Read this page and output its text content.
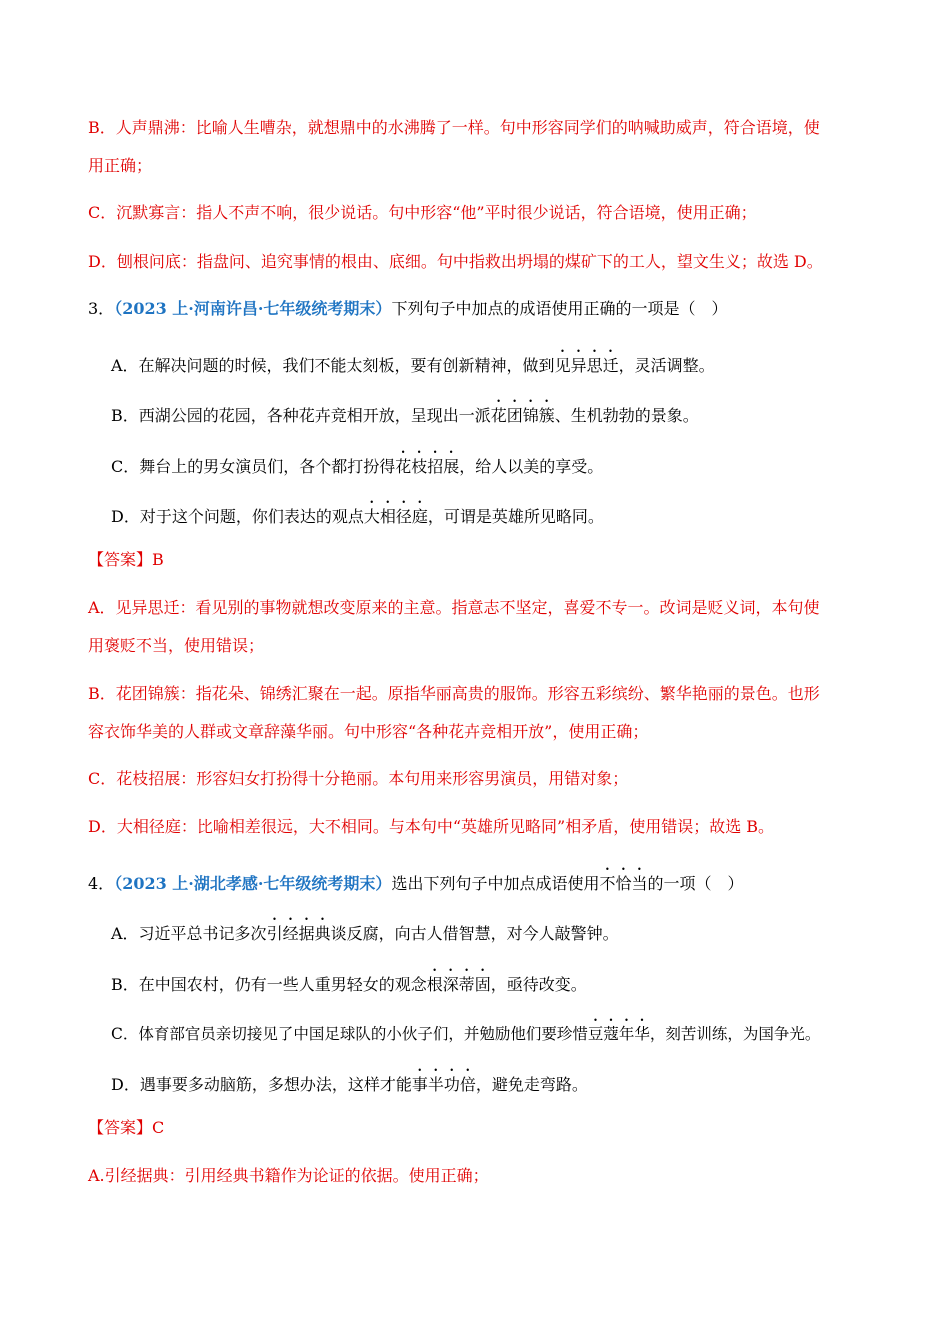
B．人声鼎沸：比喻人生嘈杂，就想鼎中的水沸腾了一样。句中形容同学们的呐喊助威声，符合语境，使
用正确；
C．沉默寡言：指人不声不响，很少说话。句中形容“他”平时很少说话，符合语境，使用正确；
D．刨根问底：指盘问、追究事情的根由、底细。句中指救出坍塌的煤矿下的工人，望文生义；故选 D。
3．（2023 上·河南许昌·七年级统考期末）下列句子中加点的成语使用正确的一项是（　）
A．在解决问题的时候，我们不能太刻板，要有创新精神，做到见异思迁，灵活调整。
B．西湖公园的花园，各种花卉竞相开放，呈现出一派花团锦簇、生机勃勃的景象。
C．舞台上的男女演员们，各个都打扮得花枝招展，给人以美的享受。
D．对于这个问题，你们表达的观点大相径庭，可谓是英雄所见略同。
【答案】B
A．见异思迁：看见别的事物就想改变原来的主意。指意志不坚定，喜爱不专一。改词是贬义词，本句使
用褒贬不当，使用错误；
B．花团锦簇：指花朵、锦绣汇聚在一起。原指华丽高贵的服饰。形容五彩缤纷、繁华艳丽的景色。也形
容衣饰华美的人群或文章辞藻华丽。句中形容“各种花卉竞相开放”，使用正确；
C．花枝招展：形容妇女打扮得十分艳丽。本句用来形容男演员，用错对象；
D．大相径庭：比喻相差很远，大不相同。与本句中“英雄所见略同”相矛盾，使用错误；故选 B。
4．（2023 上·湖北孝感·七年级统考期末）选出下列句子中加点成语使用不恰当的一项（　）
A．习近平总书记多次引经据典谈反腐，向古人借智慧，对今人敲警钟。
B．在中国农村，仍有一些人重男轻女的观念根深蒂固，亟待改变。
C．体育部官员亲切接见了中国足球队的小伙子们，并勉励他们要珍惜豆蔻年华，刻苦训练，为国争光。
D．遇事要多动脑筋，多想办法，这样才能事半功倍，避免走弯路。
【答案】C
A.引经据典：引用经典书籍作为论证的依据。使用正确；
